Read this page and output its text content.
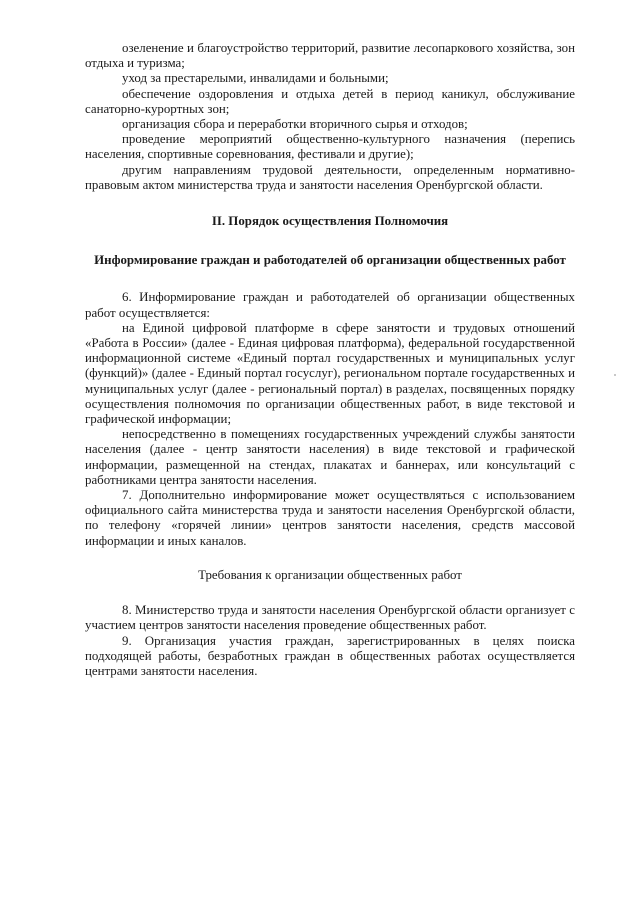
озеленение и благоустройство территорий, развитие лесопаркового хозяйства, зон отдыха и туризма;

уход за престарелыми, инвалидами и больными;

обеспечение оздоровления и отдыха детей в период каникул, обслуживание санаторно-курортных зон;

организация сбора и переработки вторичного сырья и отходов;

проведение мероприятий общественно-культурного назначения (перепись населения, спортивные соревнования, фестивали и другие);

другим направлениям трудовой деятельности, определенным нормативно-правовым актом министерства труда и занятости населения Оренбургской области.

II. Порядок осуществления Полномочия

Информирование граждан и работодателей об организации общественных работ

6. Информирование граждан и работодателей об организации общественных работ осуществляется:

на Единой цифровой платформе в сфере занятости и трудовых отношений «Работа в России» (далее - Единая цифровая платформа), федеральной государственной информационной системе «Единый портал государственных и муниципальных услуг (функций)» (далее - Единый портал госуслуг), региональном портале государственных и муниципальных услуг (далее - региональный портал) в разделах, посвященных порядку осуществления полномочия по организации общественных работ, в виде текстовой и графической информации;

непосредственно в помещениях государственных учреждений службы занятости населения (далее - центр занятости населения) в виде текстовой и графической информации, размещенной на стендах, плакатах и баннерах, или консультаций с работниками центра занятости населения.

7. Дополнительно информирование может осуществляться с использованием официального сайта министерства труда и занятости населения Оренбургской области, по телефону «горячей линии» центров занятости населения, средств массовой информации и иных каналов.

Требования к организации общественных работ

8. Министерство труда и занятости населения Оренбургской области организует с участием центров занятости населения проведение общественных работ.

9. Организация участия граждан, зарегистрированных в целях поиска подходящей работы, безработных граждан в общественных работах осуществляется центрами занятости населения.
